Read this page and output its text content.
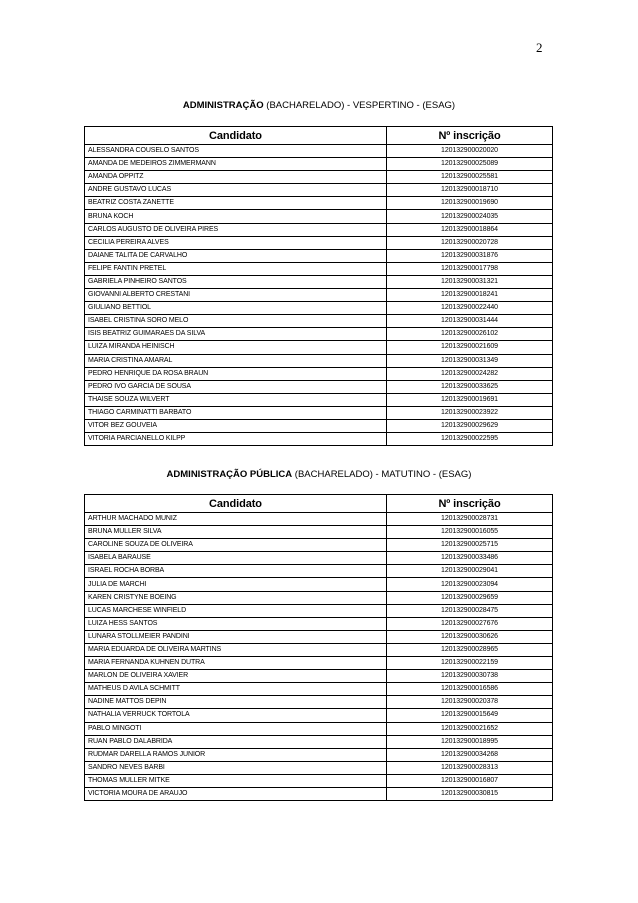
2
ADMINISTRAÇÃO (BACHARELADO) - VESPERTINO - (ESAG)
Candidato	Nº inscrição
ALESSANDRA COUSELO SANTOS	120132900020020
AMANDA DE MEDEIROS ZIMMERMANN	120132900025089
AMANDA OPPITZ	120132900025581
ANDRE GUSTAVO LUCAS	120132900018710
BEATRIZ COSTA ZANETTE	120132900019690
BRUNA KOCH	120132900024035
CARLOS AUGUSTO DE OLIVEIRA PIRES	120132900018864
CECILIA PEREIRA ALVES	120132900020728
DAIANE TALITA DE CARVALHO	120132900031876
FELIPE FANTIN PRETEL	120132900017798
GABRIELA PINHEIRO SANTOS	120132900031321
GIOVANNI ALBERTO CRESTANI	120132900018241
GIULIANO BETTIOL	120132900022440
ISABEL CRISTINA SORO MELO	120132900031444
ISIS BEATRIZ GUIMARAES DA SILVA	120132900026102
LUIZA MIRANDA HEINISCH	120132900021609
MARIA CRISTINA AMARAL	120132900031349
PEDRO HENRIQUE DA ROSA BRAUN	120132900024282
PEDRO IVO GARCIA DE SOUSA	120132900033625
THAISE SOUZA WILVERT	120132900019691
THIAGO CARMINATTI BARBATO	120132900023922
VITOR BEZ GOUVEIA	120132900029629
VITORIA PARCIANELLO KILPP	120132900022595
ADMINISTRAÇÃO PÚBLICA (BACHARELADO) - MATUTINO - (ESAG)
Candidato	Nº inscrição
ARTHUR MACHADO MUNIZ	120132900028731
BRUNA MULLER SILVA	120132900016055
CAROLINE SOUZA DE OLIVEIRA	120132900025715
ISABELA BARAUSE	120132900033486
ISRAEL ROCHA BORBA	120132900029041
JULIA DE MARCHI	120132900023094
KAREN CRISTYNE BOEING	120132900029659
LUCAS MARCHESE WINFIELD	120132900028475
LUIZA HESS SANTOS	120132900027676
LUNARA STOLLMEIER PANDINI	120132900030626
MARIA EDUARDA DE OLIVEIRA MARTINS	120132900028965
MARIA FERNANDA KUHNEN DUTRA	120132900022159
MARLON DE OLIVEIRA XAVIER	120132900030738
MATHEUS D AVILA SCHMITT	120132900016586
NADINE MATTOS DEPIN	120132900020378
NATHALIA VERRUCK TORTOLA	120132900015649
PABLO MINGOTI	120132900021652
RUAN PABLO DALABRIDA	120132900018995
RUDMAR DARELLA RAMOS JUNIOR	120132900034268
SANDRO NEVES BARBI	120132900028313
THOMAS MULLER MITKE	120132900016807
VICTORIA MOURA DE ARAUJO	120132900030815
